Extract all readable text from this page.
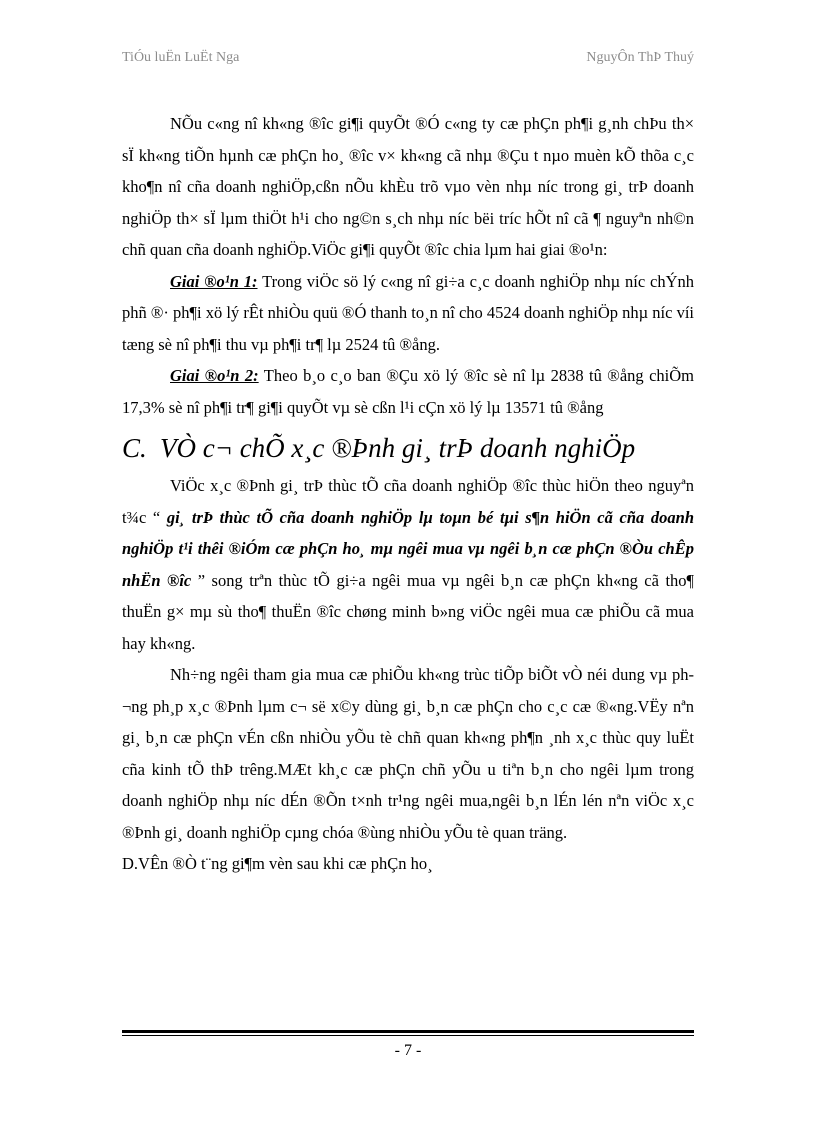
TiÓu luËn LuËt Nga	NguyÔn ThÞ Thuý

NÕu c«ng nî kh«ng ®îc gi¶i quyÕt ®Ó c«ng ty cæ phÇn ph¶i g¸nh chÞu th× sÏ kh«ng tiÕn hµnh cæ phÇn ho¸ ®îc v× kh«ng cã nhµ ®Çu t nµo muèn kÕ thõa c¸c kho¶n nî cña doanh nghiÖp,cßn nÕu khÈu trõ vµo vèn nhµ níc trong gi¸ trÞ doanh nghiÖp th× sÏ lµm thiÖt h¹i cho ng©n s¸ch nhµ níc bëi tríc hÕt nî cã ¶ nguyªn nh©n chñ quan cña doanh nghiÖp.ViÖc gi¶i quyÕt ®îc chia lµm hai giai ®o¹n:

Giai ®o¹n 1: Trong viÖc sö lý c«ng nî gi÷a c¸c doanh nghiÖp nhµ níc chÝnh phñ ®· ph¶i xö lý rÊt nhiÒu quü ®Ó thanh to¸n nî cho 4524 doanh nghiÖp nhµ níc víi tæng sè nî ph¶i thu vµ ph¶i tr¶ lµ 2524 tû ®ång.

Giai ®o¹n 2: Theo b¸o c¸o ban ®Çu xö lý ®îc sè nî lµ 2838 tû ®ång chiÕm 17,3% sè nî ph¶i tr¶ gi¶i quyÕt vµ sè cßn l¹i cÇn xö lý lµ 13571 tû ®ång

C. VÒ c¬ chÕ x¸c ®Þnh gi¸ trÞ doanh nghiÖp

ViÖc x¸c ®Þnh gi¸ trÞ thùc tÕ cña doanh nghiÖp ®îc thùc hiÖn theo nguyªn t¾c “ gi¸ trÞ thùc tÕ cña doanh nghiÖp lµ toµn bé tµi s¶n hiÖn cã cña doanh nghiÖp t¹i thêi ®iÓm cæ phÇn ho¸ mµ ngêi mua vµ ngêi b¸n cæ phÇn ®Òu chÊp nhËn ®îc ” song trªn thùc tÕ gi÷a ngêi mua vµ ngêi b¸n cæ phÇn kh«ng cã tho¶ thuËn g× mµ sù tho¶ thuËn ®îc chøng minh b»ng viÖc ngêi mua cæ phiÕu cã mua hay kh«ng.

Nh÷ng ngêi tham gia mua cæ phiÕu kh«ng trùc tiÕp biÕt vÒ néi dung vµ ph¬ng ph¸p x¸c ®Þnh lµm c¬ së x©y dùng gi¸ b¸n cæ phÇn cho c¸c cæ ®«ng.VËy nªn gi¸ b¸n cæ phÇn vÉn cßn nhiÒu yÕu tè chñ quan kh«ng ph¶n ¸nh x¸c thùc quy luËt cña kinh tÕ thÞ trêng.MÆt kh¸c cæ phÇn chñ yÕu u tiªn b¸n cho ngêi lµm trong doanh nghiÖp nhµ níc dÉn ®Õn t×nh tr¹ng ngêi mua,ngêi b¸n lÉn lén nªn viÖc x¸c ®Þnh gi¸ doanh nghiÖp cµng chóa ®ùng nhiÒu yÕu tè quan träng.

D.VÊn ®Ò t¨ng gi¶m vèn sau khi cæ phÇn ho¸

- 7 -
